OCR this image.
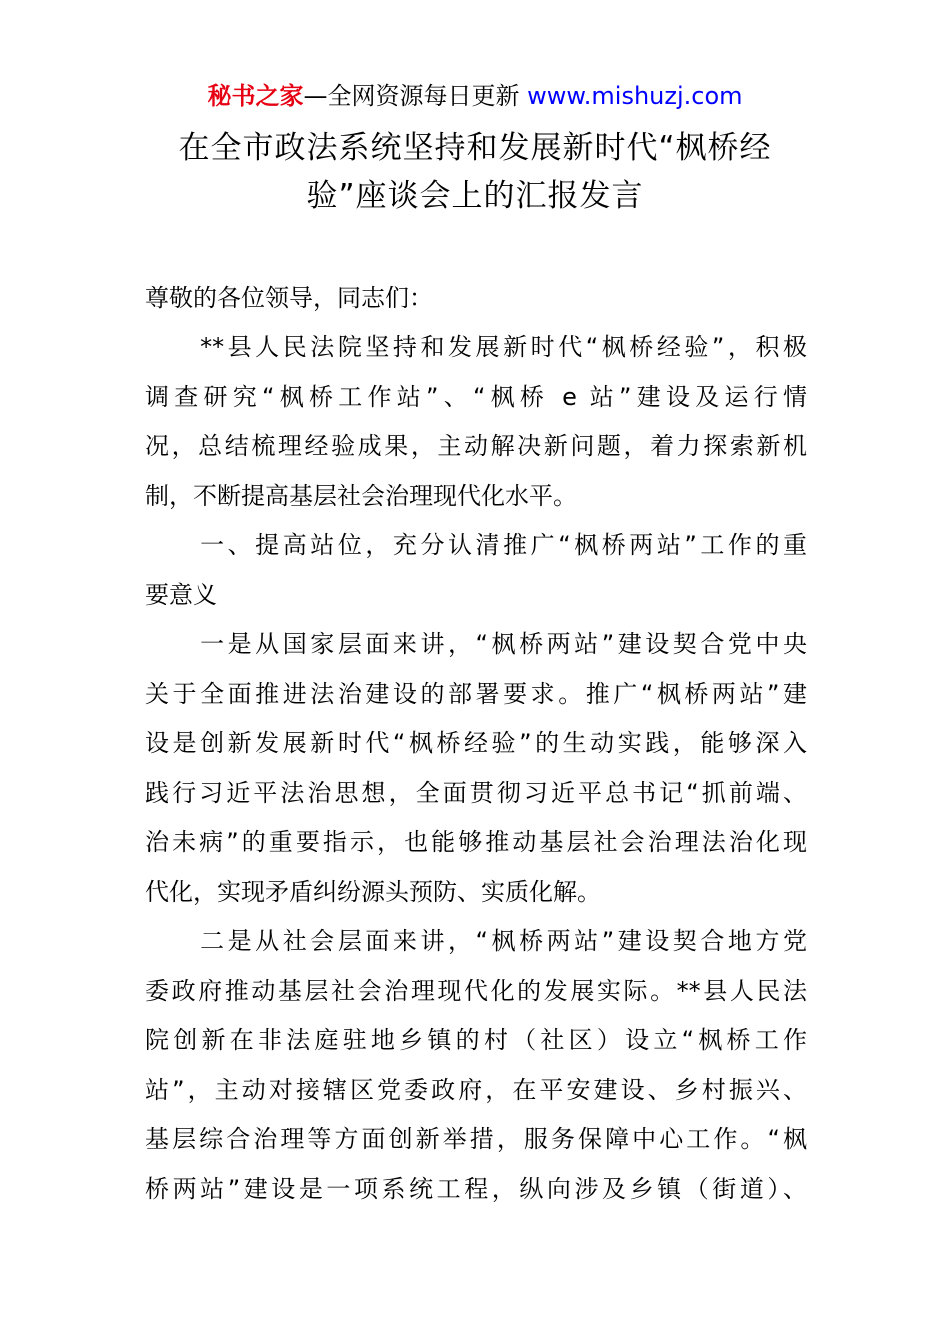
秘书之家—全网资源每日更新 www.mishuzj.com
在全市政法系统坚持和发展新时代“枫桥经
验”座谈会上的汇报发言
尊敬的各位领导，同志们：
　　**县人民法院坚持和发展新时代“枫桥经验”，积极
调查研究“枫桥工作站”、“枫桥 e 站”建设及运行情
况，总结梳理经验成果，主动解决新问题，着力探索新机
制，不断提高基层社会治理现代化水平。
　　一、提高站位，充分认清推广“枫桥两站”工作的重
要意义
　　一是从国家层面来讲，“枫桥两站”建设契合党中央
关于全面推进法治建设的部署要求。推广“枫桥两站”建
设是创新发展新时代“枫桥经验”的生动实践，能够深入
践行习近平法治思想，全面贯彻习近平总书记“抓前端、
治未病”的重要指示，也能够推动基层社会治理法治化现
代化，实现矛盾纠纷源头预防、实质化解。
　　二是从社会层面来讲，“枫桥两站”建设契合地方党
委政府推动基层社会治理现代化的发展实际。**县人民法
院创新在非法庭驻地乡镇的村（社区）设立“枫桥工作
站”，主动对接辖区党委政府，在平安建设、乡村振兴、
基层综合治理等方面创新举措，服务保障中心工作。“枫
桥两站”建设是一项系统工程，纵向涉及乡镇（街道）、
